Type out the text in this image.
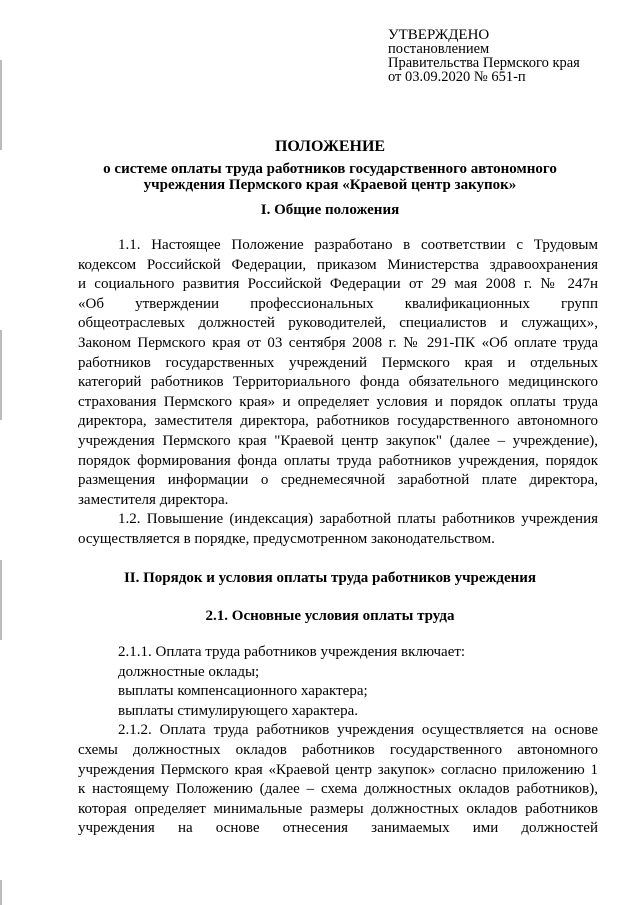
УТВЕРЖДЕНО
постановлением
Правительства Пермского края
от 03.09.2020 № 651-п
ПОЛОЖЕНИЕ
о системе оплаты труда работников государственного автономного
учреждения Пермского края «Краевой центр закупок»
I. Общие положения
1.1. Настоящее Положение разработано в соответствии с Трудовым
кодексом Российской Федерации, приказом Министерства здравоохранения
и социального развития Российской Федерации от 29 мая 2008 г. № 247н
«Об утверждении профессиональных квалификационных групп
общеотраслевых должностей руководителей, специалистов и служащих»,
Законом Пермского края от 03 сентября 2008 г. № 291-ПК «Об оплате труда
работников государственных учреждений Пермского края и отдельных
категорий работников Территориального фонда обязательного медицинского
страхования Пермского края» и определяет условия и порядок оплаты труда
директора, заместителя директора, работников государственного автономного
учреждения Пермского края "Краевой центр закупок" (далее – учреждение),
порядок формирования фонда оплаты труда работников учреждения, порядок
размещения информации о среднемесячной заработной плате директора,
заместителя директора.
1.2. Повышение (индексация) заработной платы работников учреждения
осуществляется в порядке, предусмотренном законодательством.
II. Порядок и условия оплаты труда работников учреждения
2.1. Основные условия оплаты труда
2.1.1. Оплата труда работников учреждения включает:
должностные оклады;
выплаты компенсационного характера;
выплаты стимулирующего характера.
2.1.2. Оплата труда работников учреждения осуществляется на основе
схемы должностных окладов работников государственного автономного
учреждения Пермского края «Краевой центр закупок» согласно приложению 1
к настоящему Положению (далее – схема должностных окладов работников),
которая определяет минимальные размеры должностных окладов работников
учреждения на основе отнесения занимаемых ими должностей
